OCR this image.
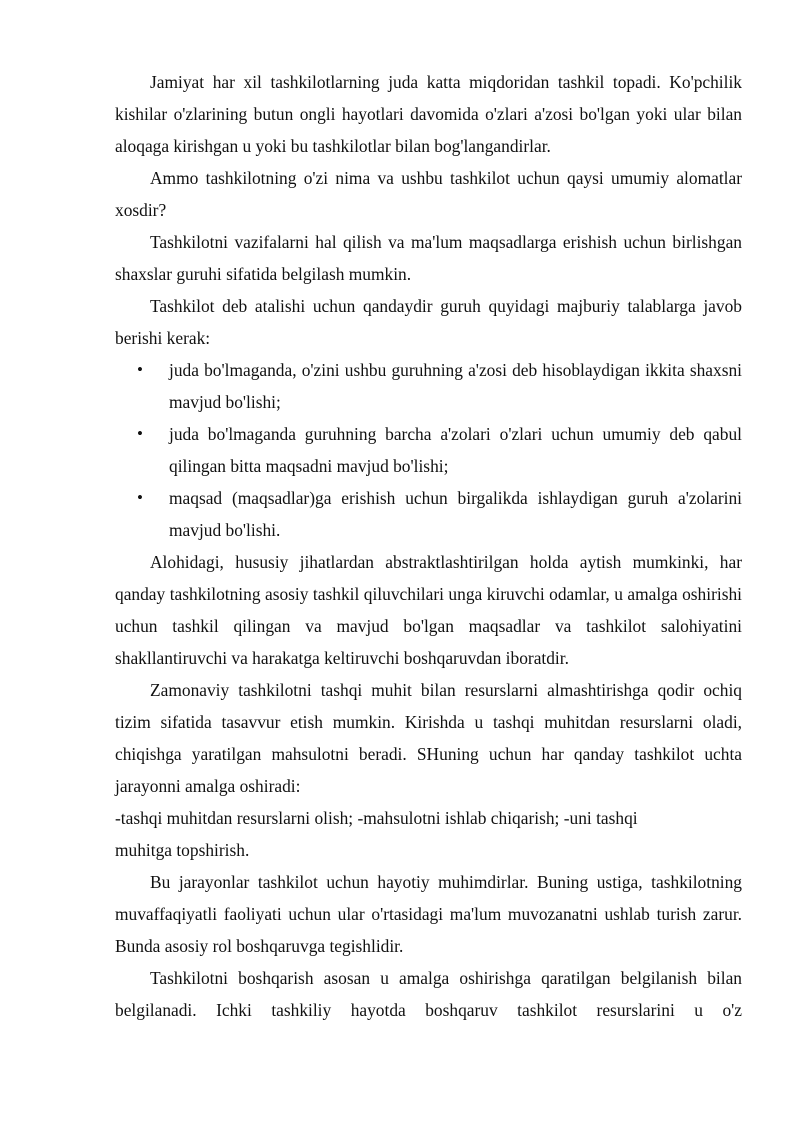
Jamiyat har xil tashkilotlarning juda katta miqdoridan tashkil topadi. Ko'pchilik kishilar o'zlarining butun ongli hayotlari davomida o'zlari a'zosi bo'lgan yoki ular bilan aloqaga kirishgan u yoki bu tashkilotlar bilan bog'langandirlar.

Ammo tashkilotning o'zi nima va ushbu tashkilot uchun qaysi umumiy alomatlar xosdir?

Tashkilotni vazifalarni hal qilish va ma'lum maqsadlarga erishish uchun birlishgan shaxslar guruhi sifatida belgilash mumkin.

Tashkilot deb atalishi uchun qandaydir guruh quyidagi majburiy talablarga javob berishi kerak:

• juda bo'lmaganda, o'zini ushbu guruhning a'zosi deb hisoblaydigan ikkita shaxsni mavjud bo'lishi;
• juda bo'lmaganda guruhning barcha a'zolari o'zlari uchun umumiy deb qabul qilingan bitta maqsadni mavjud bo'lishi;
• maqsad (maqsadlar)ga erishish uchun birgalikda ishlaydigan guruh a'zolarini mavjud bo'lishi.

Alohidagi, hususiy jihatlardan abstraktlashtirilgan holda aytish mumkinki, har qanday tashkilotning asosiy tashkil qiluvchilari unga kiruvchi odamlar, u amalga oshirishi uchun tashkil qilingan va mavjud bo'lgan maqsadlar va tashkilot salohiyatini shakllantiruvchi va harakatga keltiruvchi boshqaruvdan iboratdir.

Zamonaviy tashkilotni tashqi muhit bilan resurslarni almashtirishga qodir ochiq tizim sifatida tasavvur etish mumkin. Kirishda u tashqi muhitdan resurslarni oladi, chiqishga yaratilgan mahsulotni beradi. SHuning uchun har qanday tashkilot uchta jarayonni amalga oshiradi:

-tashqi muhitdan resurslarni olish; -mahsulotni ishlab chiqarish; -uni tashqi

muhitga topshirish.

Bu jarayonlar tashkilot uchun hayotiy muhimdirlar. Buning ustiga, tashkilotning muvaffaqiyatli faoliyati uchun ular o'rtasidagi ma'lum muvozanatni ushlab turish zarur. Bunda asosiy rol boshqaruvga tegishlidir.

Tashkilotni boshqarish asosan u amalga oshirishga qaratilgan belgilanish bilan belgilanadi. Ichki tashkiliy hayotda boshqaruv tashkilot resurslarini u o'z
